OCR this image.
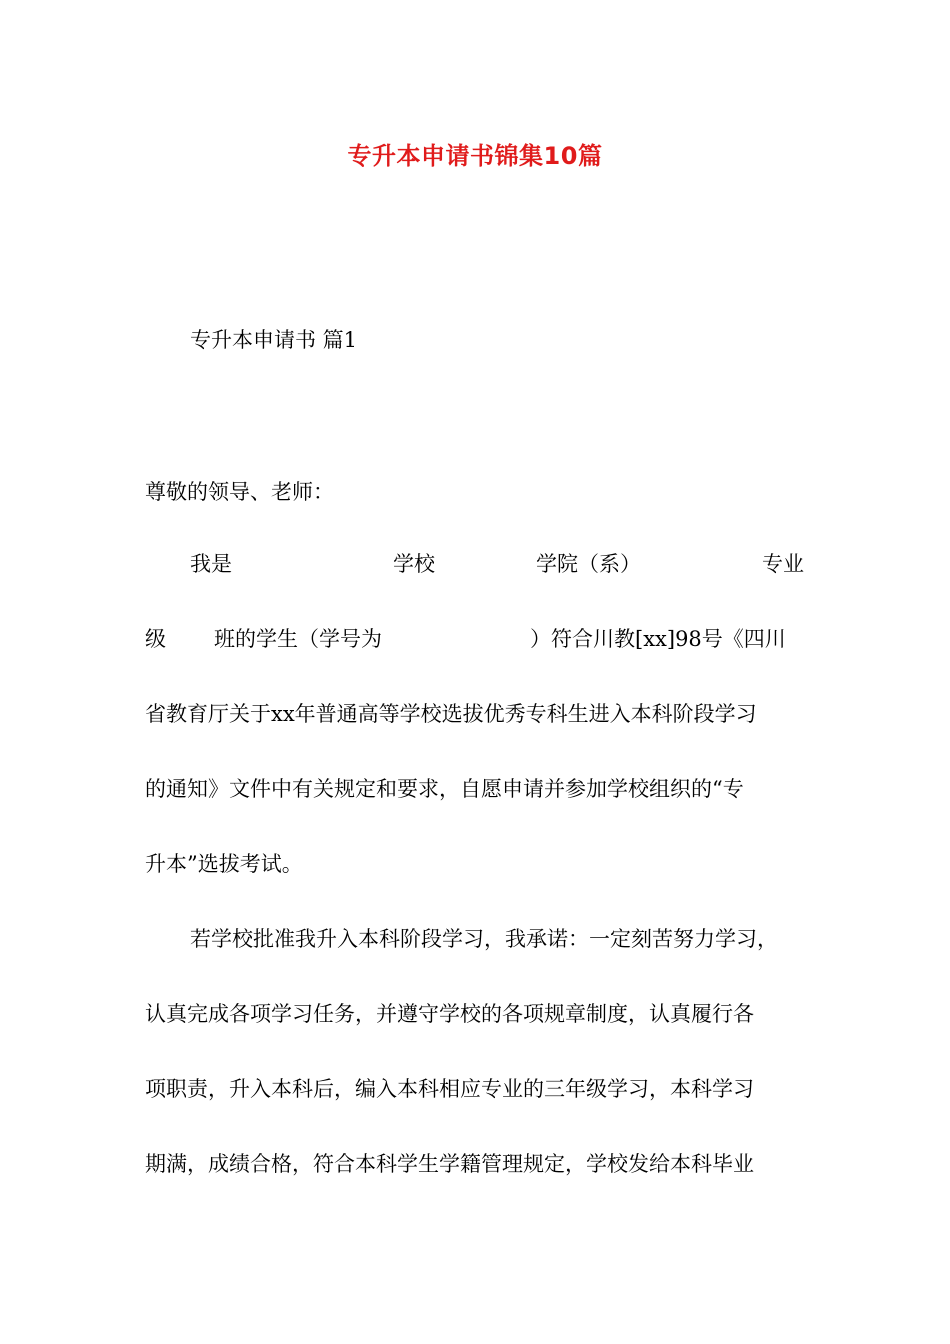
专升本申请书锦集10篇
专升本申请书 篇1
尊敬的领导、老师：
我是	学校	学院（系）	专业
级 班的学生（学号为	）符合川教[xx]98号《四川
省教育厅关于xx年普通高等学校选拔优秀专科生进入本科阶段学习
的通知》文件中有关规定和要求，自愿申请并参加学校组织的“专
升本”选拔考试。
若学校批准我升入本科阶段学习，我承诺：一定刻苦努力学习，
认真完成各项学习任务，并遵守学校的各项规章制度，认真履行各
项职责，升入本科后，编入本科相应专业的三年级学习，本科学习
期满，成绩合格，符合本科学生学籍管理规定，学校发给本科毕业
